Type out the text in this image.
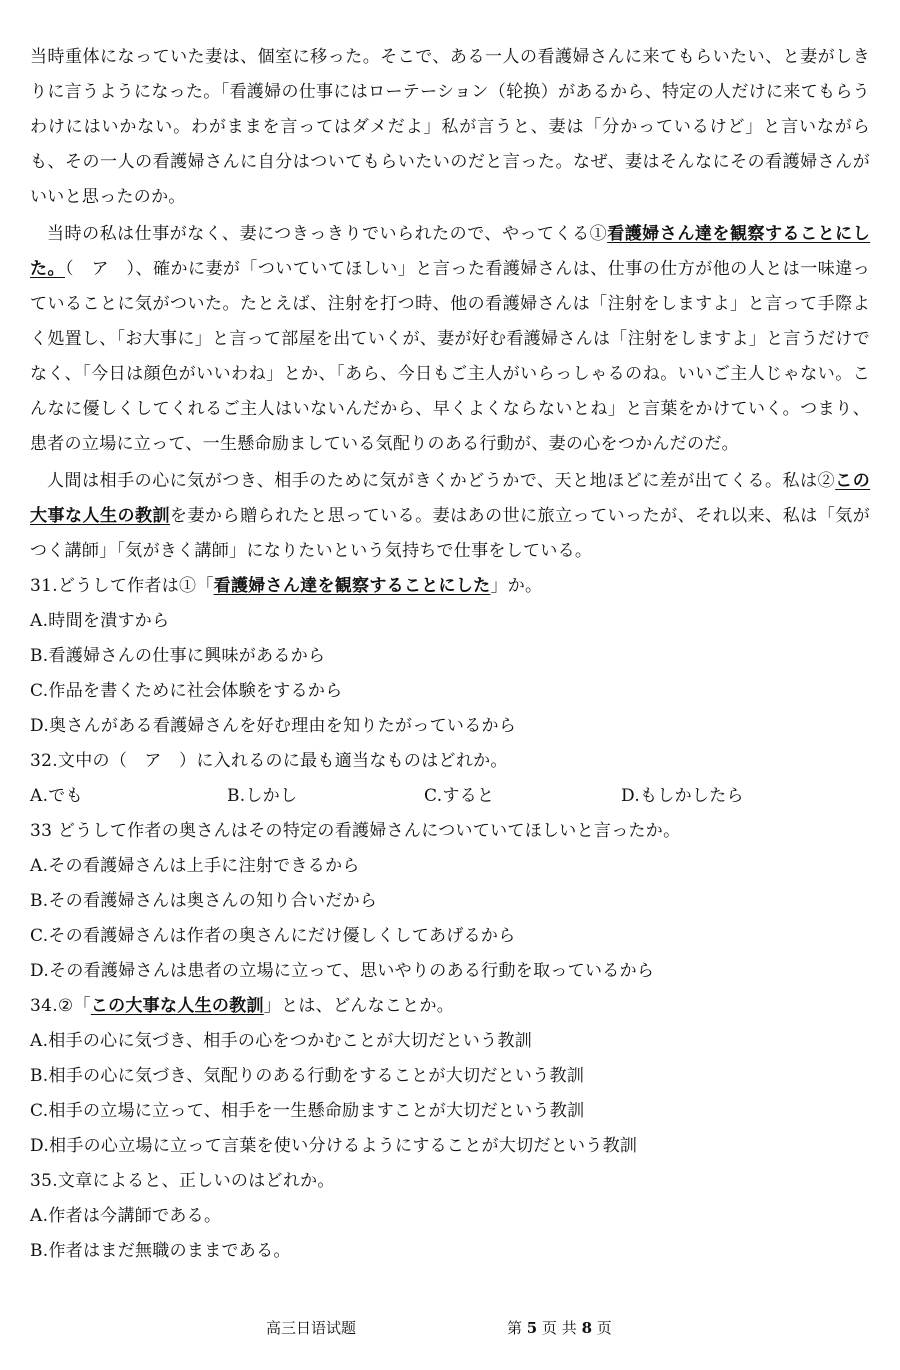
当時重体になっていた妻は、個室に移った。そこで、ある一人の看護婦さんに来てもらいたい、と妻がしきりに言うようになった。「看護婦の仕事にはローテーション（轮换）があるから、特定の人だけに来てもらうわけにはいかない。わがままを言ってはダメだよ」私が言うと、妻は「分かっているけど」と言いながらも、その一人の看護婦さんに自分はついてもらいたいのだと言った。なぜ、妻はそんなにその看護婦さんがいいと思ったのか。

当時の私は仕事がなく、妻につきっきりでいられたので、やってくる①看護婦さん達を観察することにした。（　ア　）、確かに妻が「ついていてほしい」と言った看護婦さんは、仕事の仕方が他の人とは一味違っていることに気がついた。たとえば、注射を打つ時、他の看護婦さんは「注射をしますよ」と言って手際よく処置し、「お大事に」と言って部屋を出ていくが、妻が好む看護婦さんは「注射をしますよ」と言うだけでなく、「今日は顔色がいいわね」とか、「あら、今日もご主人がいらっしゃるのね。いいご主人じゃない。こんなに優しくしてくれるご主人はいないんだから、早くよくならないとね」と言葉をかけていく。つまり、患者の立場に立って、一生懸命励ましている気配りのある行動が、妻の心をつかんだのだ。

人間は相手の心に気がつき、相手のために気がきくかどうかで、天と地ほどに差が出てくる。私は②この大事な人生の教訓を妻から贈られたと思っている。妻はあの世に旅立っていったが、それ以来、私は「気がつく講師」「気がきく講師」になりたいという気持ちで仕事をしている。

31.どうして作者は①「看護婦さん達を観察することにした」か。
A.時間を潰すから
B.看護婦さんの仕事に興味があるから
C.作品を書くために社会体験をするから
D.奥さんがある看護婦さんを好む理由を知りたがっているから
32.文中の（　ア　）に入れるのに最も適当なものはどれか。
A.でも	B.しかし	C.すると	D.もしかしたら
33 どうして作者の奥さんはその特定の看護婦さんについていてほしいと言ったか。
A.その看護婦さんは上手に注射できるから
B.その看護婦さんは奥さんの知り合いだから
C.その看護婦さんは作者の奥さんにだけ優しくしてあげるから
D.その看護婦さんは患者の立場に立って、思いやりのある行動を取っているから
34.②「この大事な人生の教訓」とは、どんなことか。
A.相手の心に気づき、相手の心をつかむことが大切だという教訓
B.相手の心に気づき、気配りのある行動をすることが大切だという教訓
C.相手の立場に立って、相手を一生懸命励ますことが大切だという教訓
D.相手の心立場に立って言葉を使い分けるようにすることが大切だという教訓
35.文章によると、正しいのはどれか。
A.作者は今講師である。
B.作者はまだ無職のままである。
高三日语试题	第 5 页 共 8 页
